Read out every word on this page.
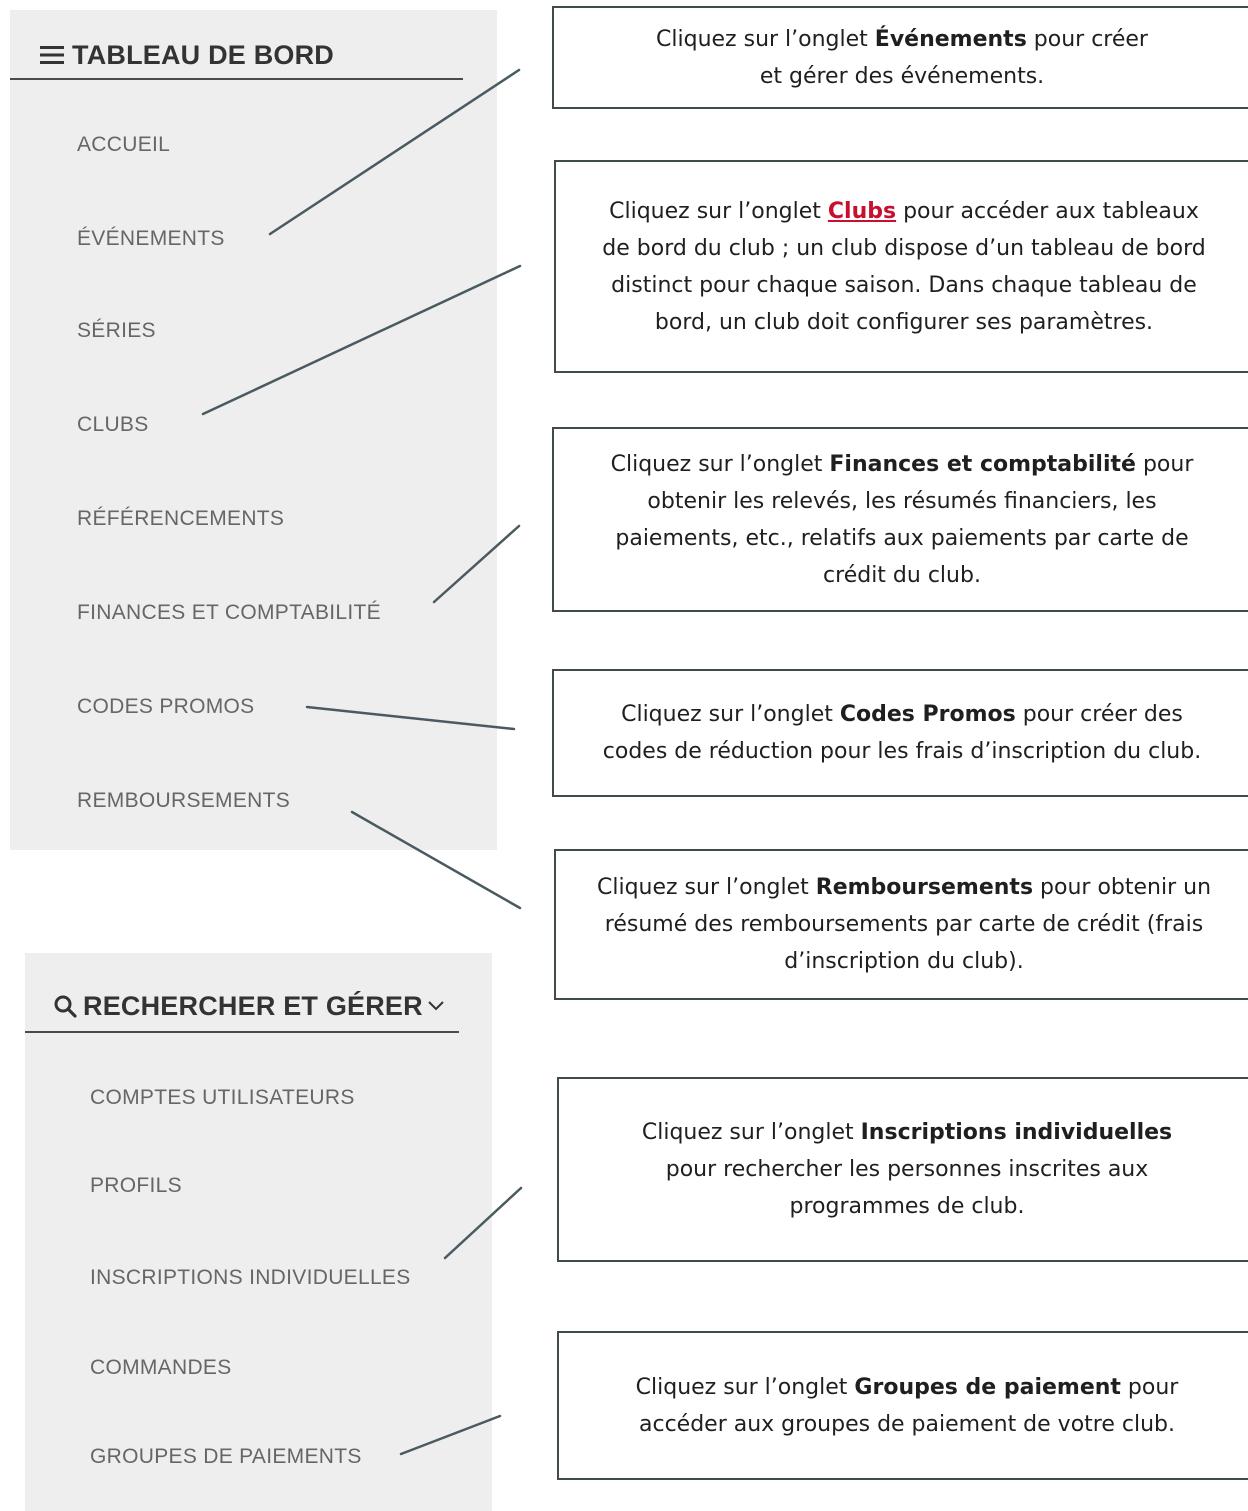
TABLEAU DE BORD
ACCUEIL
ÉVÉNEMENTS
SÉRIES
CLUBS
RÉFÉRENCEMENTS
FINANCES ET COMPTABILITÉ
CODES PROMOS
REMBOURSEMENTS
RECHERCHER ET GÉRER
COMPTES UTILISATEURS
PROFILS
INSCRIPTIONS INDIVIDUELLES
COMMANDES
GROUPES DE PAIEMENTS
Cliquez sur l’onglet Événements pour créer
et gérer des événements.
Cliquez sur l’onglet Clubs pour accéder aux tableaux
de bord du club ; un club dispose d’un tableau de bord
distinct pour chaque saison. Dans chaque tableau de
bord, un club doit configurer ses paramètres.
Cliquez sur l’onglet Finances et comptabilité pour
obtenir les relevés, les résumés financiers, les
paiements, etc., relatifs aux paiements par carte de
crédit du club.
Cliquez sur l’onglet Codes Promos pour créer des
codes de réduction pour les frais d’inscription du club.
Cliquez sur l’onglet Remboursements pour obtenir un
résumé des remboursements par carte de crédit (frais
d’inscription du club).
Cliquez sur l’onglet Inscriptions individuelles
pour rechercher les personnes inscrites aux
programmes de club.
Cliquez sur l’onglet Groupes de paiement pour
accéder aux groupes de paiement de votre club.
